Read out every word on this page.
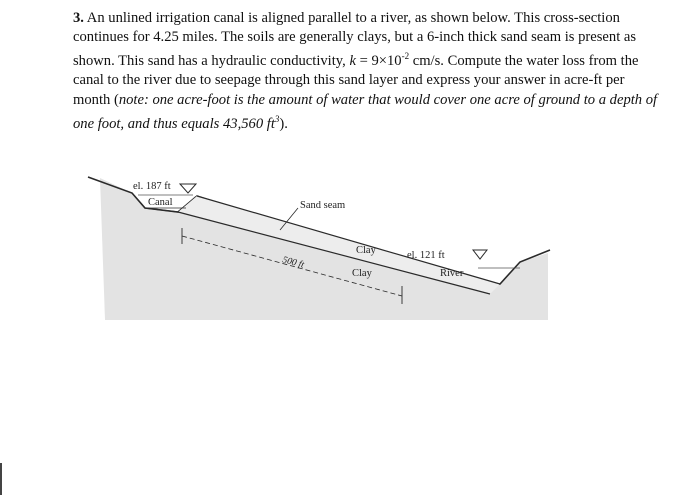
3. An unlined irrigation canal is aligned parallel to a river, as shown below. This cross-section continues for 4.25 miles. The soils are generally clays, but a 6-inch thick sand seam is present as shown. This sand has a hydraulic conductivity, $k = 9\times 10^{-2}$ cm/s. Compute the water loss from the canal to the river due to seepage through this sand layer and express your answer in acre-ft per month (note: one acre-foot is the amount of water that would cover one acre of ground to a depth of one foot, and thus equals 43,560 $ft^3$).

el. 187 ft
Canal	Sand seam
Clay
Clay
el. 121 ft
River
500 ft
